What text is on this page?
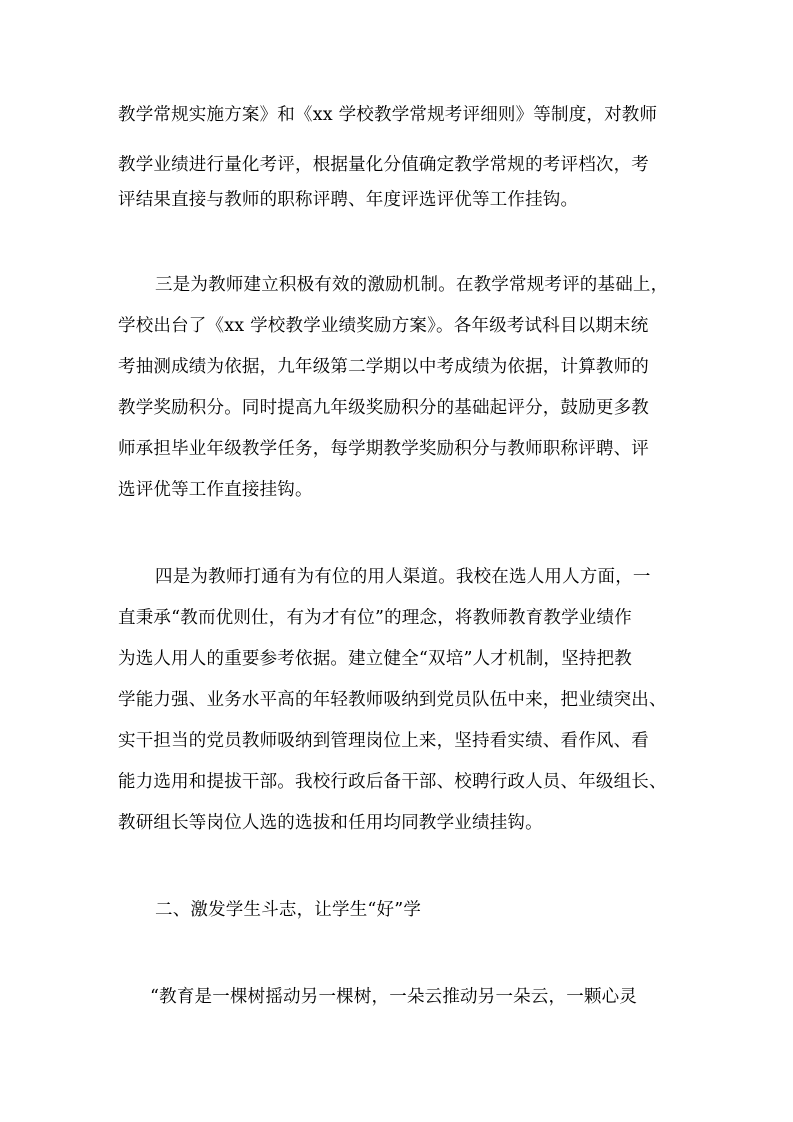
教学常规实施方案》和《xx 学校教学常规考评细则》等制度，对教师

教学业绩进行量化考评，根据量化分值确定教学常规的考评档次，考

评结果直接与教师的职称评聘、年度评选评优等工作挂钩。

三是为教师建立积极有效的激励机制。在教学常规考评的基础上，

学校出台了《xx 学校教学业绩奖励方案》。各年级考试科目以期末统

考抽测成绩为依据，九年级第二学期以中考成绩为依据，计算教师的

教学奖励积分。同时提高九年级奖励积分的基础起评分，鼓励更多教

师承担毕业年级教学任务，每学期教学奖励积分与教师职称评聘、评

选评优等工作直接挂钩。

四是为教师打通有为有位的用人渠道。我校在选人用人方面，一

直秉承“教而优则仕，有为才有位”的理念，将教师教育教学业绩作

为选人用人的重要参考依据。建立健全“双培”人才机制，坚持把教

学能力强、业务水平高的年轻教师吸纳到党员队伍中来，把业绩突出、

实干担当的党员教师吸纳到管理岗位上来，坚持看实绩、看作风、看

能力选用和提拔干部。我校行政后备干部、校聘行政人员、年级组长、

教研组长等岗位人选的选拔和任用均同教学业绩挂钩。

二、激发学生斗志，让学生“好”学

“教育是一棵树摇动另一棵树，一朵云推动另一朵云，一颗心灵
